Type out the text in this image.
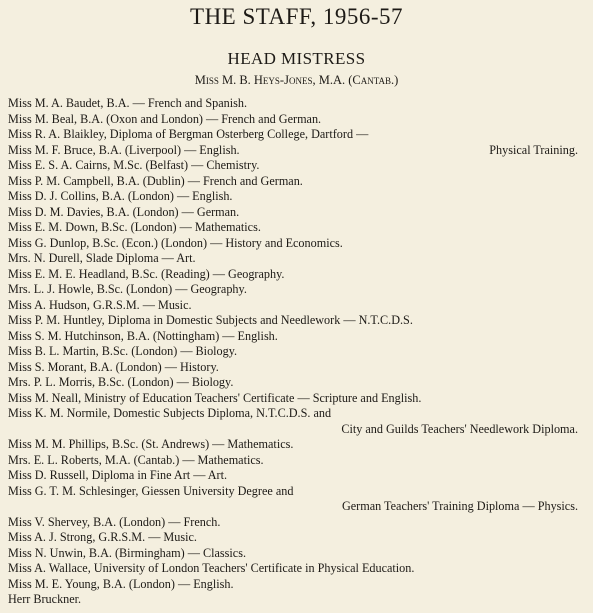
THE STAFF, 1956-57
HEAD MISTRESS
Miss M. B. Heys-Jones, M.A. (Cantab.)
Miss M. A. Baudet, B.A. — French and Spanish.
Miss M. Beal, B.A. (Oxon and London) — French and German.
Miss R. A. Blaikley, Diploma of Bergman Osterberg College, Dartford —
Miss M. F. Bruce, B.A. (Liverpool) — English.	Physical Training.
Miss E. S. A. Cairns, M.Sc. (Belfast) — Chemistry.
Miss P. M. Campbell, B.A. (Dublin) — French and German.
Miss D. J. Collins, B.A. (London) — English.
Miss D. M. Davies, B.A. (London) — German.
Miss E. M. Down, B.Sc. (London) — Mathematics.
Miss G. Dunlop, B.Sc. (Econ.) (London) — History and Economics.
Mrs. N. Durell, Slade Diploma — Art.
Miss E. M. E. Headland, B.Sc. (Reading) — Geography.
Mrs. L. J. Howle, B.Sc. (London) — Geography.
Miss A. Hudson, G.R.S.M. — Music.
Miss P. M. Huntley, Diploma in Domestic Subjects and Needlework — N.T.C.D.S.
Miss S. M. Hutchinson, B.A. (Nottingham) — English.
Miss B. L. Martin, B.Sc. (London) — Biology.
Miss S. Morant, B.A. (London) — History.
Mrs. P. L. Morris, B.Sc. (London) — Biology.
Miss M. Neall, Ministry of Education Teachers' Certificate — Scripture and English.
Miss K. M. Normile, Domestic Subjects Diploma, N.T.C.D.S. and
City and Guilds Teachers' Needlework Diploma.
Miss M. M. Phillips, B.Sc. (St. Andrews) — Mathematics.
Mrs. E. L. Roberts, M.A. (Cantab.) — Mathematics.
Miss D. Russell, Diploma in Fine Art — Art.
Miss G. T. M. Schlesinger, Giessen University Degree and
German Teachers' Training Diploma — Physics.
Miss V. Shervey, B.A. (London) — French.
Miss A. J. Strong, G.R.S.M. — Music.
Miss N. Unwin, B.A. (Birmingham) — Classics.
Miss A. Wallace, University of London Teachers' Certificate in Physical Education.
Miss M. E. Young, B.A. (London) — English.
Herr Bruckner.
